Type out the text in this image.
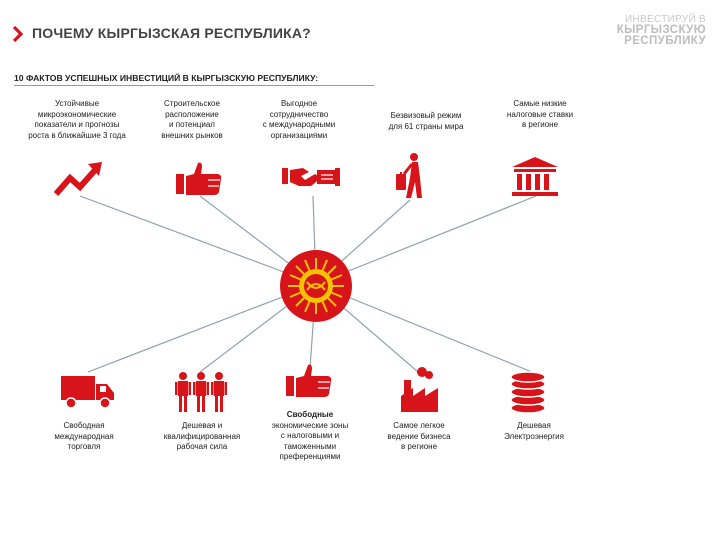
ПОЧЕМУ КЫРГЫЗСКАЯ РЕСПУБЛИКА?
ИНВЕСТИРУЙ В
КЫРГЫЗСКУЮ
РЕСПУБЛИКУ
10 ФАКТОВ УСПЕШНЫХ ИНВЕСТИЦИЙ В КЫРГЫЗСКУЮ РЕСПУБЛИКУ:
Устойчивые
микроэкономические
показатели и прогнозы
роста в ближайшие 3 года
Строительское
расположение
и потенциал
внешних рынков
Выгодное
сотрудничество
с международными
организациями
Безвизовый режим
для 61 страны мира
Самые низкие
налоговые ставки
в регионе
Свободная
международная
торговля
Дешевая и
квалифицированная
рабочая сила
Свободные
экономические зоны
с налоговыми и
таможенными
преференциями
Самое легкое
ведение бизнеса
в регионе
Дешевая
Электроэнергия
